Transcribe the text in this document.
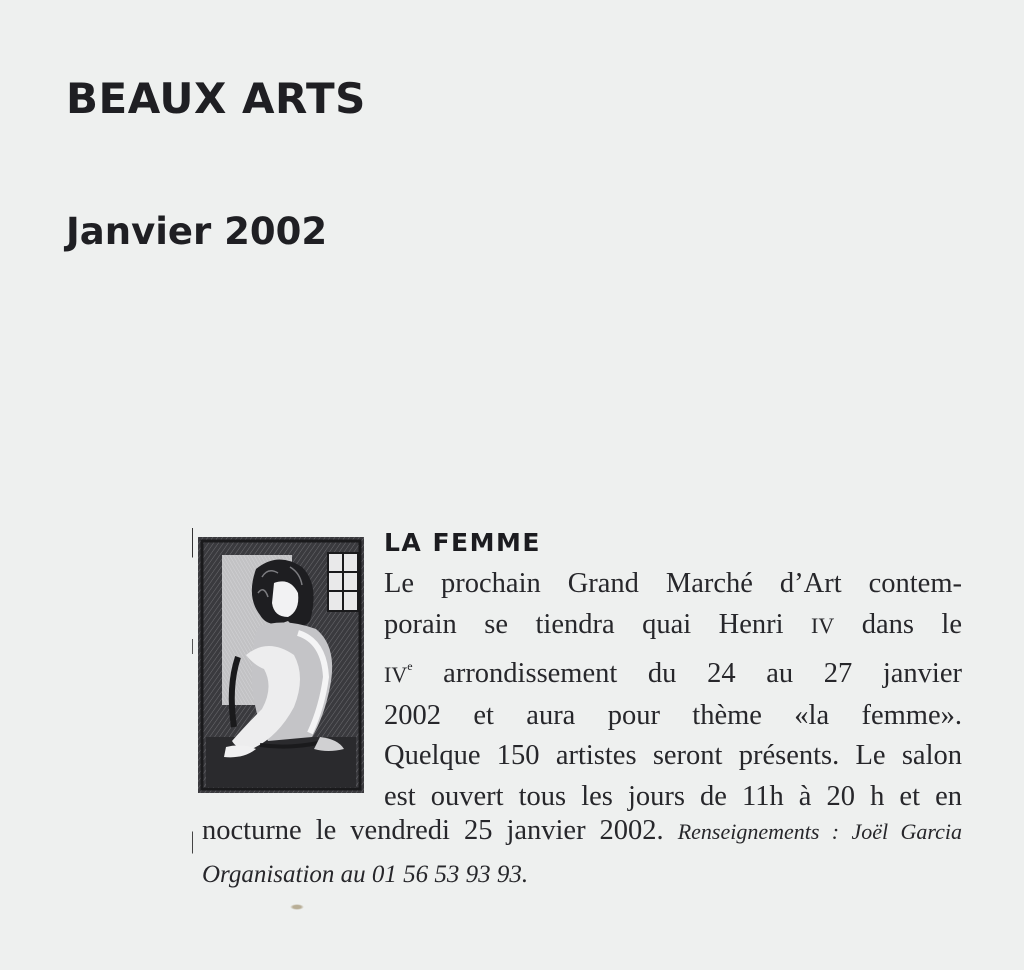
BEAUX ARTS
Janvier 2002
LA FEMME
Le prochain Grand Marché d’Art contem-
porain se tiendra quai Henri IV dans le
IVe arrondissement du 24 au 27 janvier
2002 et aura pour thème «la femme».
Quelque 150 artistes seront présents. Le salon
est ouvert tous les jours de 11h à 20 h et en
nocturne le vendredi 25 janvier 2002. Renseignements : Joël Garcia
Organisation au 01 56 53 93 93.
